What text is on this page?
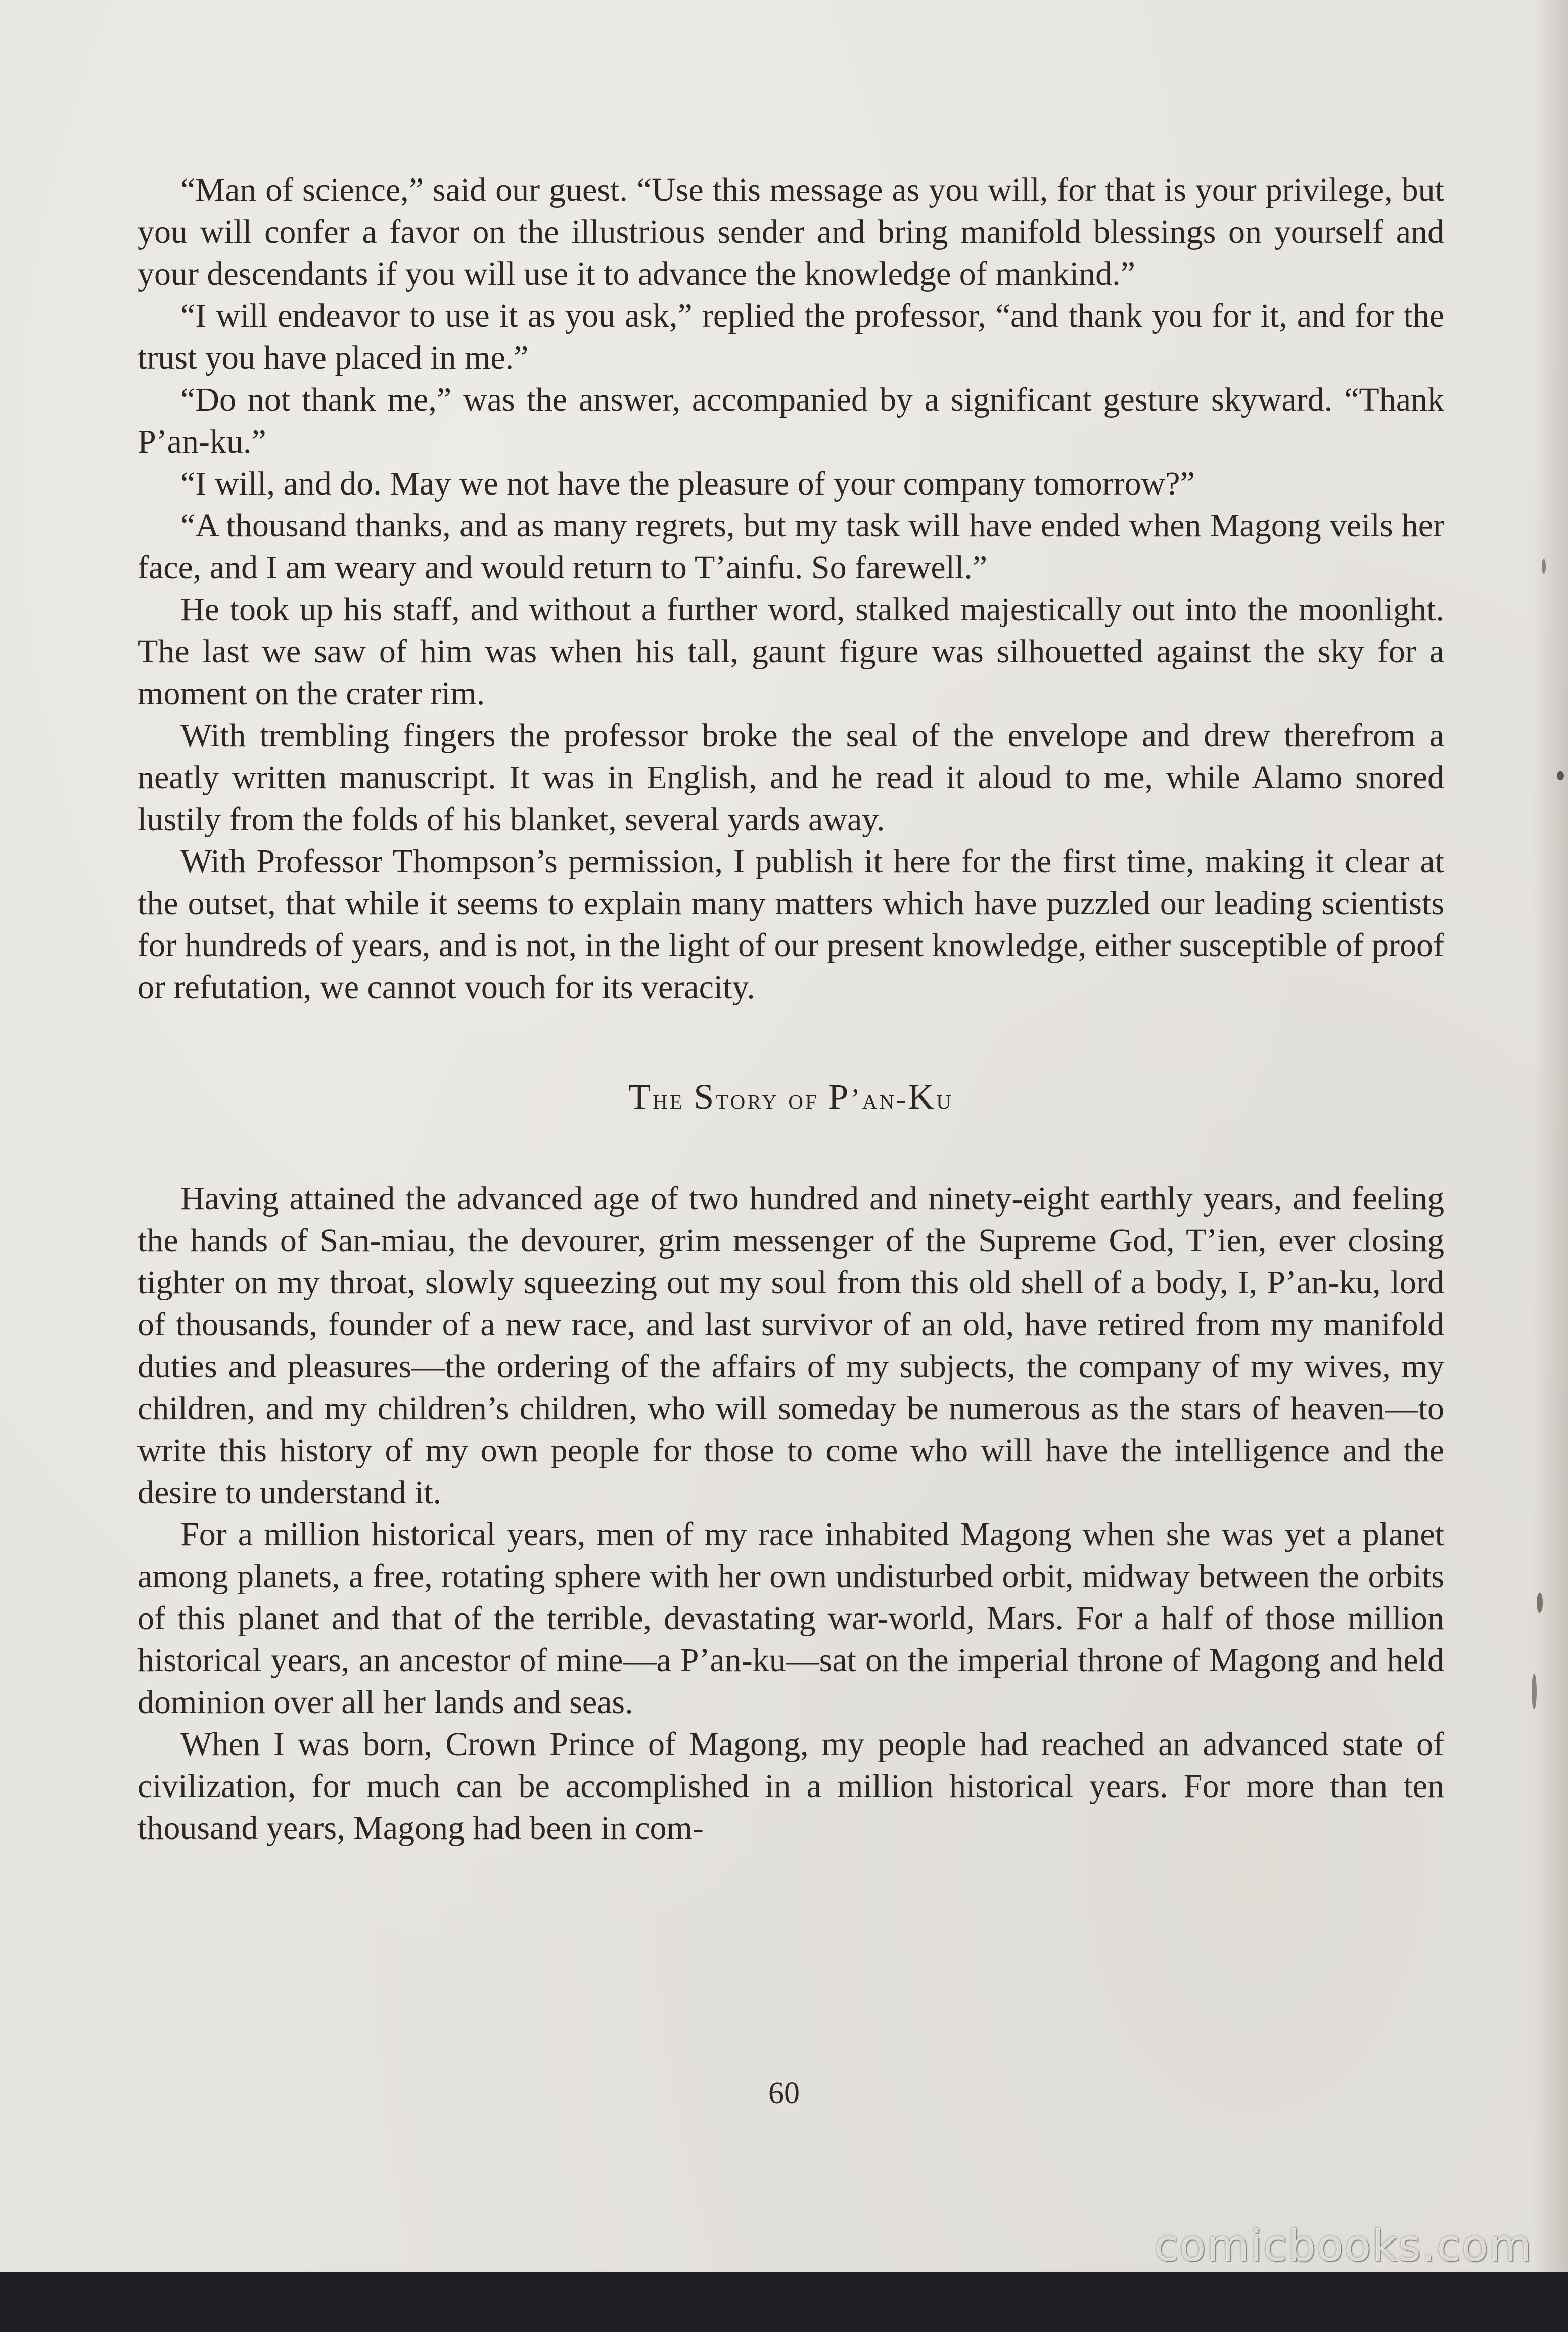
“Man of science,” said our guest. “Use this message as you will, for that is your privilege, but you will confer a favor on the illustrious sender and bring manifold blessings on yourself and your descendants if you will use it to advance the knowledge of mankind.”

“I will endeavor to use it as you ask,” replied the professor, “and thank you for it, and for the trust you have placed in me.”

“Do not thank me,” was the answer, accompanied by a significant gesture skyward. “Thank P’an-ku.”

“I will, and do. May we not have the pleasure of your company tomorrow?”

“A thousand thanks, and as many regrets, but my task will have ended when Magong veils her face, and I am weary and would return to T’ainfu. So farewell.”

He took up his staff, and without a further word, stalked majestically out into the moonlight. The last we saw of him was when his tall, gaunt figure was silhouetted against the sky for a moment on the crater rim.

With trembling fingers the professor broke the seal of the envelope and drew therefrom a neatly written manuscript. It was in English, and he read it aloud to me, while Alamo snored lustily from the folds of his blanket, several yards away.

With Professor Thompson’s permission, I publish it here for the first time, making it clear at the outset, that while it seems to explain many matters which have puzzled our leading scientists for hundreds of years, and is not, in the light of our present knowledge, either susceptible of proof or refutation, we cannot vouch for its veracity.

The Story of P’an-Ku

Having attained the advanced age of two hundred and ninety-eight earthly years, and feeling the hands of San-miau, the devourer, grim messenger of the Supreme God, T’ien, ever closing tighter on my throat, slowly squeezing out my soul from this old shell of a body, I, P’an-ku, lord of thousands, founder of a new race, and last survivor of an old, have retired from my manifold duties and pleasures—the ordering of the affairs of my subjects, the company of my wives, my children, and my children’s children, who will someday be numerous as the stars of heaven—to write this history of my own people for those to come who will have the intelligence and the desire to understand it.

For a million historical years, men of my race inhabited Magong when she was yet a planet among planets, a free, rotating sphere with her own undisturbed orbit, midway between the orbits of this planet and that of the terrible, devastating war-world, Mars. For a half of those million historical years, an ancestor of mine—a P’an-ku—sat on the imperial throne of Magong and held dominion over all her lands and seas.

When I was born, Crown Prince of Magong, my people had reached an advanced state of civilization, for much can be accomplished in a million historical years. For more than ten thousand years, Magong had been in com-

60
comicbooks.com
